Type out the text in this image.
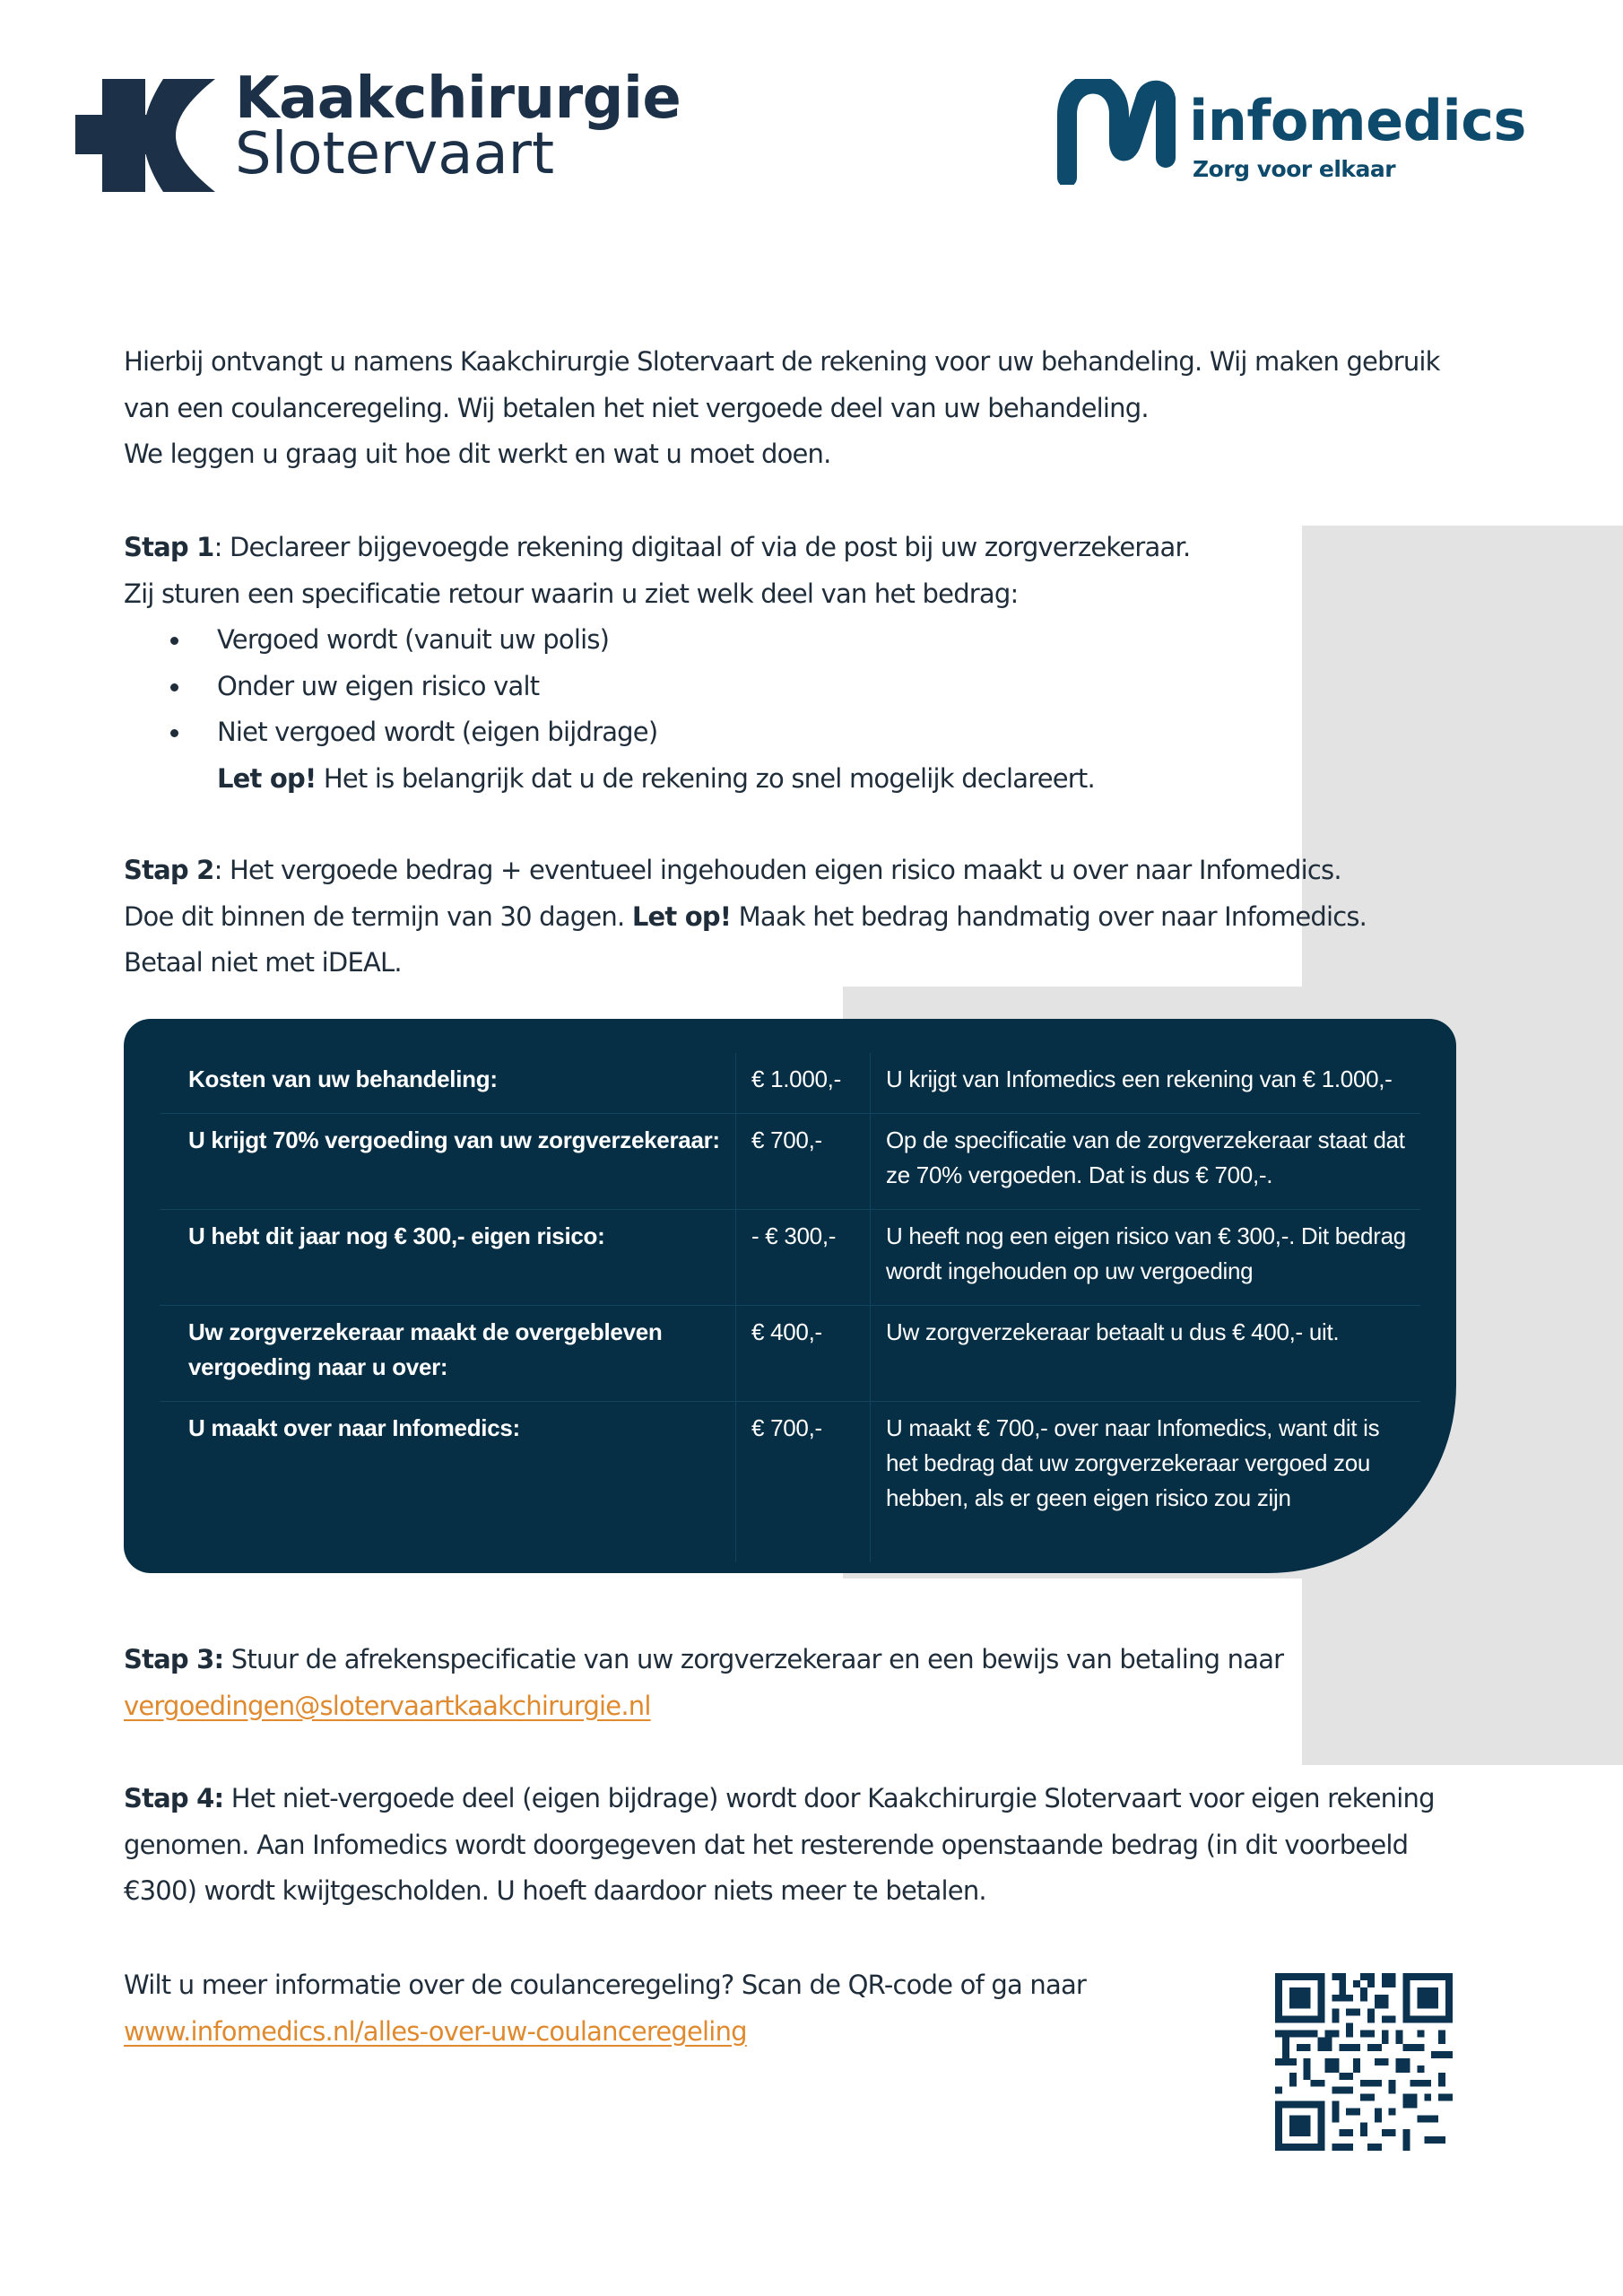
Kaakchirurgie
Slotervaart
infomedics
Zorg voor elkaar

Hierbij ontvangt u namens Kaakchirurgie Slotervaart de rekening voor uw behandeling. Wij maken gebruik

van een coulanceregeling. Wij betalen het niet vergoede deel van uw behandeling.

We leggen u graag uit hoe dit werkt en wat u moet doen.

Stap 1: Declareer bijgevoegde rekening digitaal of via de post bij uw zorgverzekeraar.

Zij sturen een specificatie retour waarin u ziet welk deel van het bedrag:

Vergoed wordt (vanuit uw polis)
Onder uw eigen risico valt
Niet vergoed wordt (eigen bijdrage)

Let op! Het is belangrijk dat u de rekening zo snel mogelijk declareert.

Stap 2: Het vergoede bedrag + eventueel ingehouden eigen risico maakt u over naar Infomedics.

Doe dit binnen de termijn van 30 dagen. Let op! Maak het bedrag handmatig over naar Infomedics.

Betaal niet met iDEAL.

Kosten van uw behandeling:	€ 1.000,-	U krijgt van Infomedics een rekening van € 1.000,-
U krijgt 70% vergoeding van uw zorgverzekeraar:	€ 700,-	Op de specificatie van de zorgverzekeraar staat dat ze 70% vergoeden. Dat is dus € 700,-.
U hebt dit jaar nog € 300,- eigen risico:	- € 300,-	U heeft nog een eigen risico van € 300,-. Dit bedrag wordt ingehouden op uw vergoeding
Uw zorgverzekeraar maakt de overgebleven vergoeding naar u over:	€ 400,-	Uw zorgverzekeraar betaalt u dus € 400,- uit.
U maakt over naar Infomedics:	€ 700,-	U maakt € 700,- over naar Infomedics, want dit is het bedrag dat uw zorgverzekeraar vergoed zou hebben, als er geen eigen risico zou zijn

Stap 3: Stuur de afrekenspecificatie van uw zorgverzekeraar en een bewijs van betaling naar

vergoedingen@slotervaartkaakchirurgie.nl

Stap 4: Het niet-vergoede deel (eigen bijdrage) wordt door Kaakchirurgie Slotervaart voor eigen rekening

genomen. Aan Infomedics wordt doorgegeven dat het resterende openstaande bedrag (in dit voorbeeld

€300) wordt kwijtgescholden. U hoeft daardoor niets meer te betalen.

Wilt u meer informatie over de coulanceregeling? Scan de QR-code of ga naar

www.infomedics.nl/alles-over-uw-coulanceregeling
